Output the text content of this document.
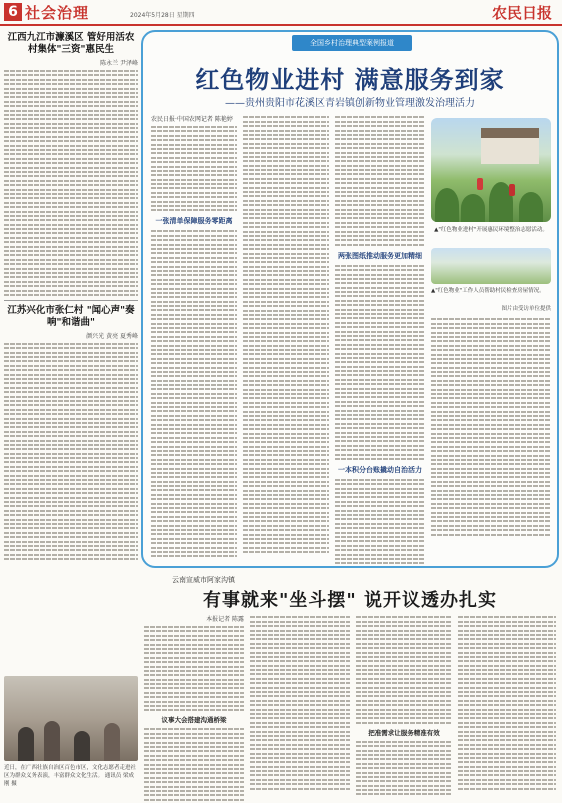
6 社会治理	2024年5月28日 星期四	农民日报
江西九江市濂溪区 管好用活农村集体"三资"惠民生
陈永兰 尹泽峰
江苏兴化市张仁村 "闻心声"奏响"和谐曲"
颜兴光 黄亮 夏秀峰
近日，在广西壮族自治区百色市区，文化志愿者走进社区为群众义务表演，丰富群众文化生活。 通讯员 梁成刚 摄
全国乡村治理典型案例报道
红色物业进村 满意服务到家
——贵州贵阳市花溪区青岩镇创新物业管理激发治理活力
农民日报·中国农网记者 陈艳婷
一张清单保障服务零距离
两张图纸推动服务更加精细
一本积分台账撬动自治活力
▲"红色物业进村"开展惠民环境整治志愿活动。
▲"红色物业"工作人员帮助村民检查房屋情况。
图片由受访单位提供
云南宣威市阿家沟镇
有事就来"坐斗摆" 说开议透办扎实
本报记者 陈露
议事大会搭建沟通桥梁
把准需求让服务精准有效
